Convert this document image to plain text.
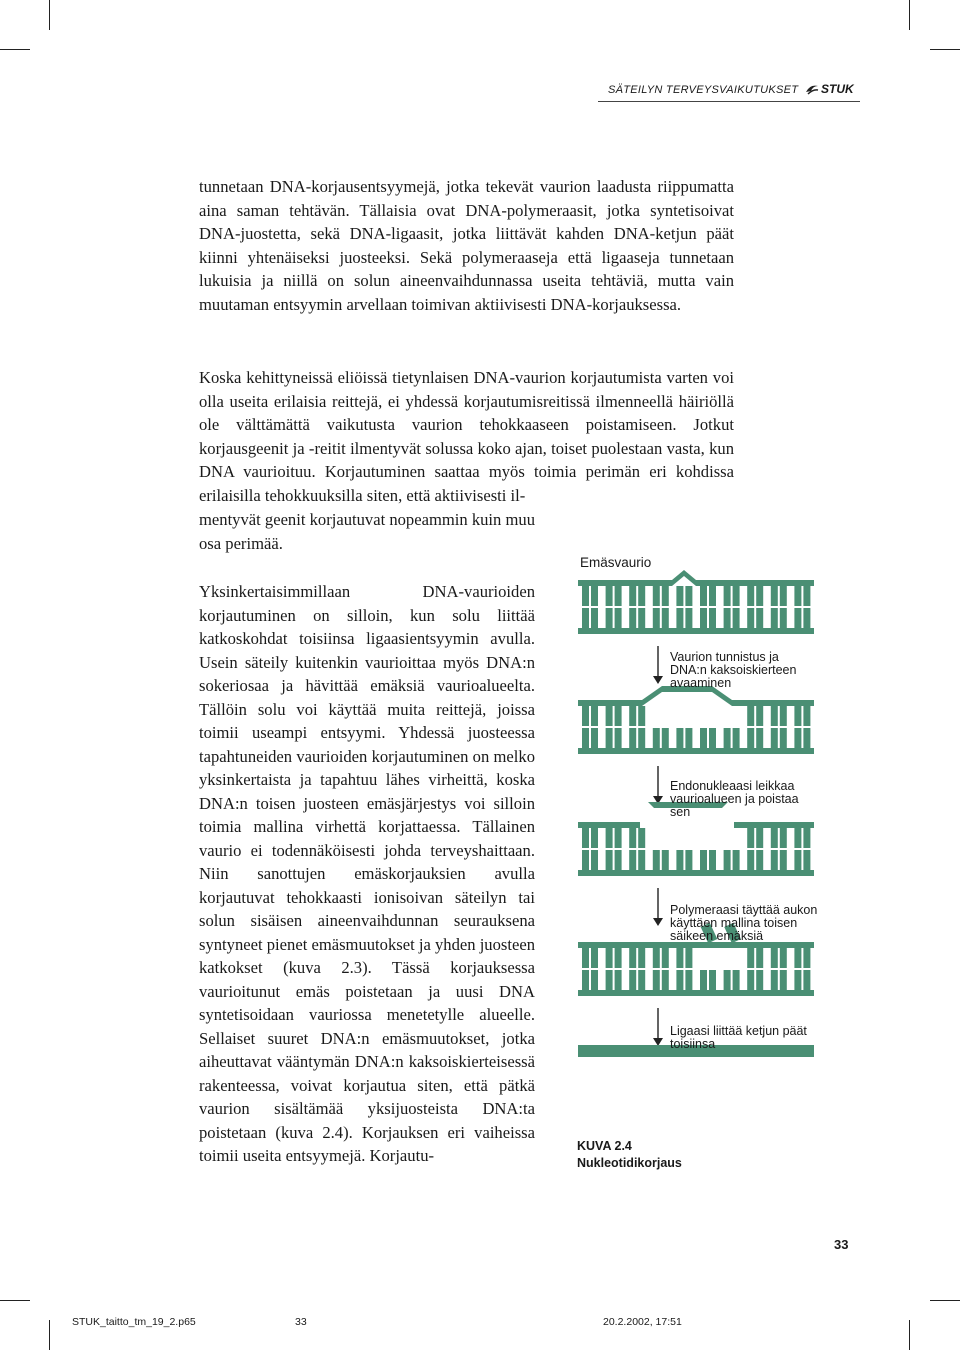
SÄTEILYN TERVEYSVAIKUTUKSET STUK
tunnetaan DNA-korjausentsyymejä, jotka tekevät vaurion laadusta riippumatta aina saman tehtävän. Tällaisia ovat DNA-polymeraasit, jotka syntetisoivat DNA-juostetta, sekä DNA-ligaasit, jotka liittävät kahden DNA-ketjun päät kiinni yhtenäiseksi juosteeksi. Sekä polymeraaseja että ligaaseja tunnetaan lukuisia ja niillä on solun aineenvaihdunnassa useita tehtäviä, mutta vain muutaman entsyymin arvellaan toimivan aktiivisesti DNA-korjauksessa.
Koska kehittyneissä eliöissä tietynlaisen DNA-vaurion korjautumista varten voi olla useita erilaisia reittejä, ei yhdessä korjautumisreitissä ilmenneellä häiriöllä ole välttämättä vaikutusta vaurion tehokkaaseen poistamiseen. Jotkut korjausgeenit ja -reitit ilmentyvät solussa koko ajan, toiset puolestaan vasta, kun DNA vaurioituu. Korjautuminen saattaa myös toimia perimän eri kohdissa erilaisilla tehokkuuksilla siten, että aktiivisesti il-
mentyvät geenit korjautuvat nopeammin kuin muu osa perimää.
Yksinkertaisimmillaan DNA-vaurioiden korjautuminen on silloin, kun solu liittää katkoskohdat toisiinsa ligaasientsyymin avulla. Usein säteily kuitenkin vaurioittaa myös DNA:n sokeriosaa ja hävittää emäksiä vaurioalueelta. Tällöin solu voi käyttää muita reittejä, joissa toimii useampi entsyymi. Yhdessä juosteessa tapahtuneiden vaurioiden korjautuminen on melko yksinkertaista ja tapahtuu lähes virheittä, koska DNA:n toisen juosteen emäsjärjestys voi silloin toimia mallina virhettä korjattaessa. Tällainen vaurio ei todennäköisesti johda terveyshaittaan. Niin sanottujen emäskorjauksien avulla korjautuvat tehokkaasti ionisoivan säteilyn tai solun sisäisen aineenvaihdunnan seurauksena syntyneet pienet emäsmuutokset ja yhden juosteen katkokset (kuva 2.3). Tässä korjauksessa vaurioitunut emäs poistetaan ja uusi DNA syntetisoidaan vauriossa menetetylle alueelle. Sellaiset suuret DNA:n emäsmuutokset, jotka aiheuttavat vääntymän DNA:n kaksoiskierteisessä rakenteessa, voivat korjautua siten, että pätkä vaurion sisältämää yksijuosteista DNA:ta poistetaan (kuva 2.4). Korjauksen eri vaiheissa toimii useita entsyymejä. Korjautu-
Emäsvaurio
Vaurion tunnistus ja DNA:n kaksoiskierteen avaaminen
Endonukleaasi leikkaa vaurioalueen ja poistaa sen
Polymeraasi täyttää aukon käyttäen mallina toisen säikeen emäksiä
Ligaasi liittää ketjun päät toisiinsa
KUVA 2.4
Nukleotidikorjaus
33
STUK_taitto_tm_19_2.p65	33	20.2.2002, 17:51
